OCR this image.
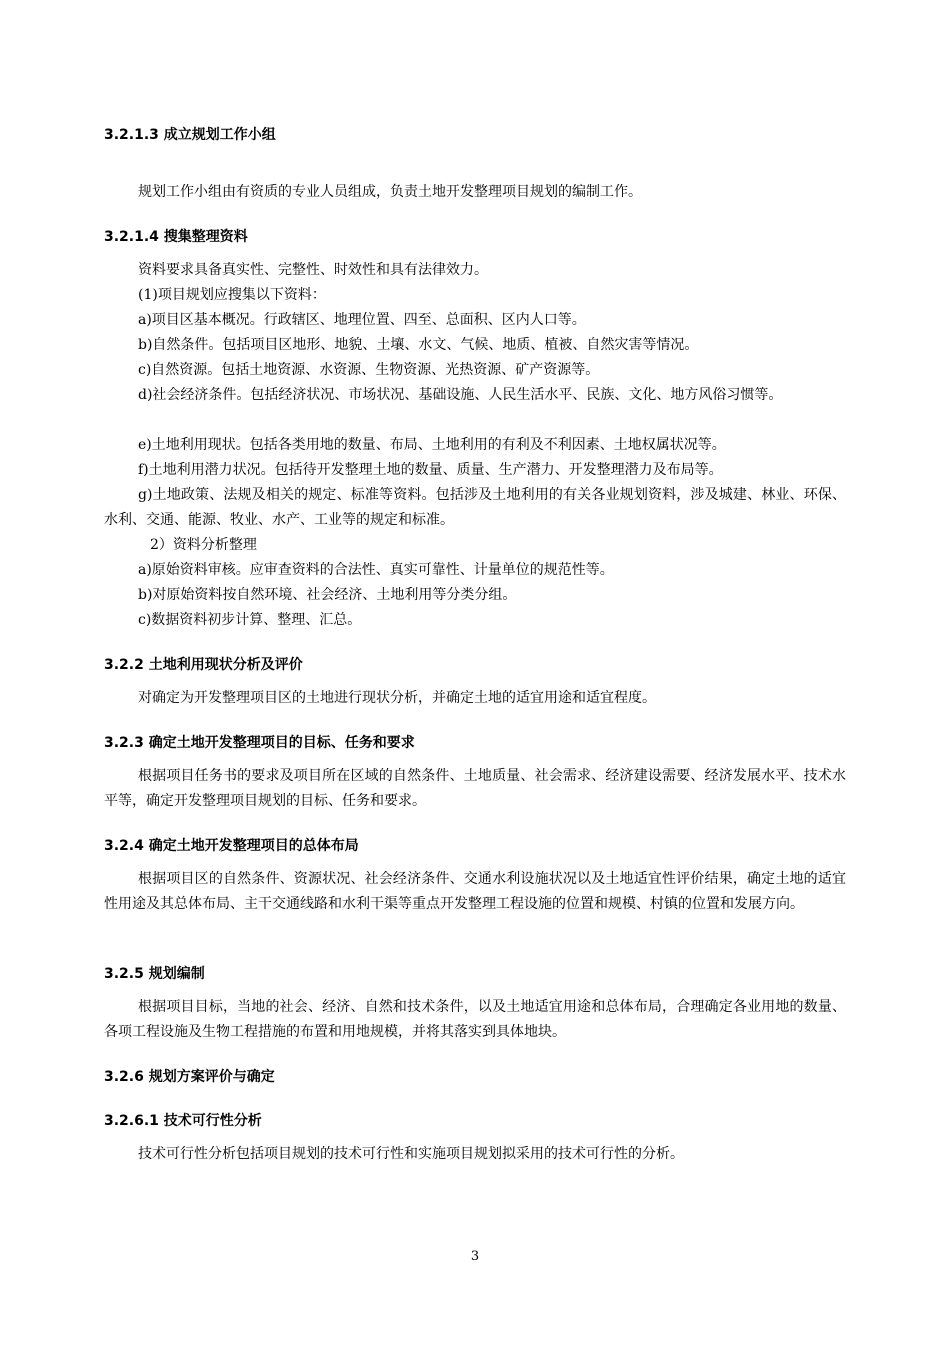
3.2.1.3 成立规划工作小组
规划工作小组由有资质的专业人员组成，负责土地开发整理项目规划的编制工作。
3.2.1.4 搜集整理资料
资料要求具备真实性、完整性、时效性和具有法律效力。
(1)项目规划应搜集以下资料：
a)项目区基本概况。行政辖区、地理位置、四至、总面积、区内人口等。
b)自然条件。包括项目区地形、地貌、土壤、水文、气候、地质、植被、自然灾害等情况。
c)自然资源。包括土地资源、水资源、生物资源、光热资源、矿产资源等。
d)社会经济条件。包括经济状况、市场状况、基础设施、人民生活水平、民族、文化、地方风俗习惯等。
e)土地利用现状。包括各类用地的数量、布局、土地利用的有利及不利因素、土地权属状况等。
f)土地利用潜力状况。包括待开发整理土地的数量、质量、生产潜力、开发整理潜力及布局等。
g)土地政策、法规及相关的规定、标准等资料。包括涉及土地利用的有关各业规划资料，涉及城建、林业、环保、水利、交通、能源、牧业、水产、工业等的规定和标准。
2）资料分析整理
a)原始资料审核。应审查资料的合法性、真实可靠性、计量单位的规范性等。
b)对原始资料按自然环境、社会经济、土地利用等分类分组。
c)数据资料初步计算、整理、汇总。
3.2.2 土地利用现状分析及评价
对确定为开发整理项目区的土地进行现状分析，并确定土地的适宜用途和适宜程度。
3.2.3 确定土地开发整理项目的目标、任务和要求
根据项目任务书的要求及项目所在区域的自然条件、土地质量、社会需求、经济建设需要、经济发展水平、技术水平等，确定开发整理项目规划的目标、任务和要求。
3.2.4 确定土地开发整理项目的总体布局
根据项目区的自然条件、资源状况、社会经济条件、交通水利设施状况以及土地适宜性评价结果，确定土地的适宜性用途及其总体布局、主干交通线路和水利干渠等重点开发整理工程设施的位置和规模、村镇的位置和发展方向。
3.2.5 规划编制
根据项目目标，当地的社会、经济、自然和技术条件，以及土地适宜用途和总体布局，合理确定各业用地的数量、各项工程设施及生物工程措施的布置和用地规模，并将其落实到具体地块。
3.2.6 规划方案评价与确定
3.2.6.1 技术可行性分析
技术可行性分析包括项目规划的技术可行性和实施项目规划拟采用的技术可行性的分析。
3
